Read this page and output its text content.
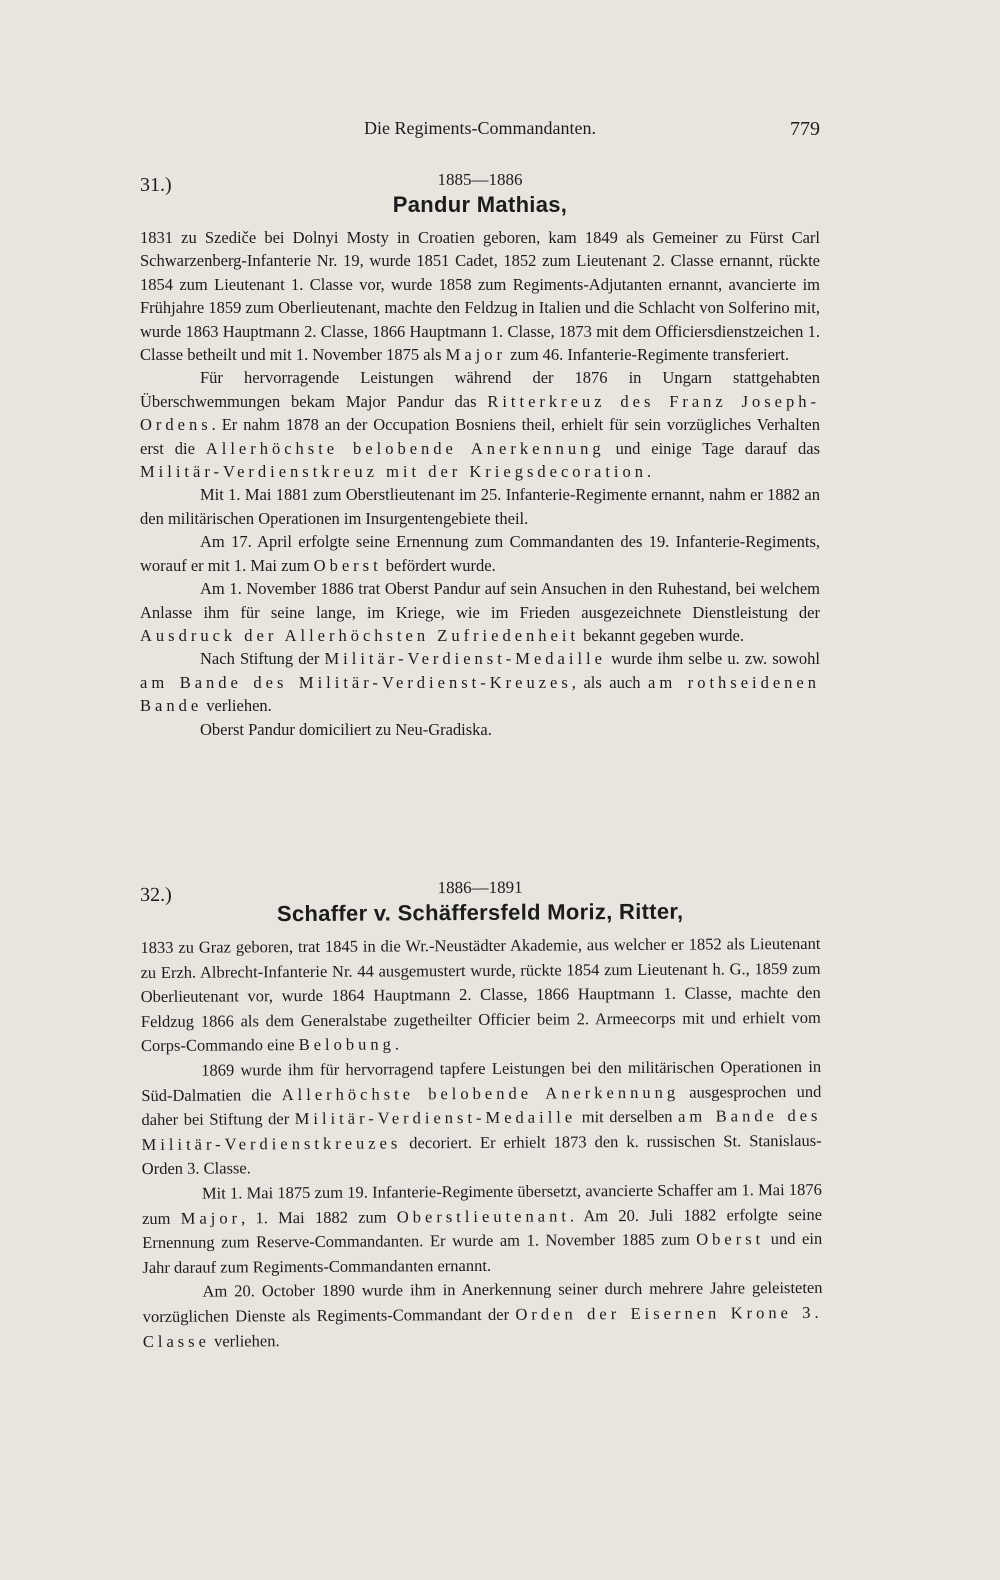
Die Regiments-Commandanten.	779
31.)	1885—1886
Pandur Mathias,

1831 zu Szediče bei Dolnyi Mosty in Croatien geboren, kam 1849 als Gemeiner zu Fürst Carl Schwarzenberg-Infanterie Nr. 19, wurde 1851 Cadet, 1852 zum Lieutenant 2. Classe ernannt, rückte 1854 zum Lieutenant 1. Classe vor, wurde 1858 zum Regiments-Adjutanten ernannt, avancierte im Frühjahre 1859 zum Oberlieutenant, machte den Feldzug in Italien und die Schlacht von Solferino mit, wurde 1863 Hauptmann 2. Classe, 1866 Hauptmann 1. Classe, 1873 mit dem Officiersdienstzeichen 1. Classe betheilt und mit 1. November 1875 als Major zum 46. Infanterie-Regimente transferiert.

Für hervorragende Leistungen während der 1876 in Ungarn stattgehabten Überschwemmungen bekam Major Pandur das Ritterkreuz des Franz Joseph-Ordens. Er nahm 1878 an der Occupation Bosniens theil, erhielt für sein vorzügliches Verhalten erst die Allerhöchste belobende Anerkennung und einige Tage darauf das Militär-Verdienstkreuz mit der Kriegsdecoration.

Mit 1. Mai 1881 zum Oberstlieutenant im 25. Infanterie-Regimente ernannt, nahm er 1882 an den militärischen Operationen im Insurgentengebiete theil.

Am 17. April erfolgte seine Ernennung zum Commandanten des 19. Infanterie-Regiments, worauf er mit 1. Mai zum Oberst befördert wurde.

Am 1. November 1886 trat Oberst Pandur auf sein Ansuchen in den Ruhestand, bei welchem Anlasse ihm für seine lange, im Kriege, wie im Frieden ausgezeichnete Dienstleistung der Ausdruck der Allerhöchsten Zufriedenheit bekannt gegeben wurde.

Nach Stiftung der Militär-Verdienst-Medaille wurde ihm selbe u. zw. sowohl am Bande des Militär-Verdienst-Kreuzes, als auch am rothseidenen Bande verliehen.

Oberst Pandur domiciliert zu Neu-Gradiska.

32.)	1886—1891
Schaffer v. Schäffersfeld Moriz, Ritter,

1833 zu Graz geboren, trat 1845 in die Wr.-Neustädter Akademie, aus welcher er 1852 als Lieutenant zu Erzh. Albrecht-Infanterie Nr. 44 ausgemustert wurde, rückte 1854 zum Lieutenant h. G., 1859 zum Oberlieutenant vor, wurde 1864 Hauptmann 2. Classe, 1866 Hauptmann 1. Classe, machte den Feldzug 1866 als dem Generalstabe zugetheilter Officier beim 2. Armeecorps mit und erhielt vom Corps-Commando eine Belobung.

1869 wurde ihm für hervorragend tapfere Leistungen bei den militärischen Operationen in Süd-Dalmatien die Allerhöchste belobende Anerkennung ausgesprochen und daher bei Stiftung der Militär-Verdienst-Medaille mit derselben am Bande des Militär-Verdienstkreuzes decoriert. Er erhielt 1873 den k. russischen St. Stanislaus-Orden 3. Classe.

Mit 1. Mai 1875 zum 19. Infanterie-Regimente übersetzt, avancierte Schaffer am 1. Mai 1876 zum Major, 1. Mai 1882 zum Oberstlieutenant. Am 20. Juli 1882 erfolgte seine Ernennung zum Reserve-Commandanten. Er wurde am 1. November 1885 zum Oberst und ein Jahr darauf zum Regiments-Commandanten ernannt.

Am 20. October 1890 wurde ihm in Anerkennung seiner durch mehrere Jahre geleisteten vorzüglichen Dienste als Regiments-Commandant der Orden der Eisernen Krone 3. Classe verliehen.
